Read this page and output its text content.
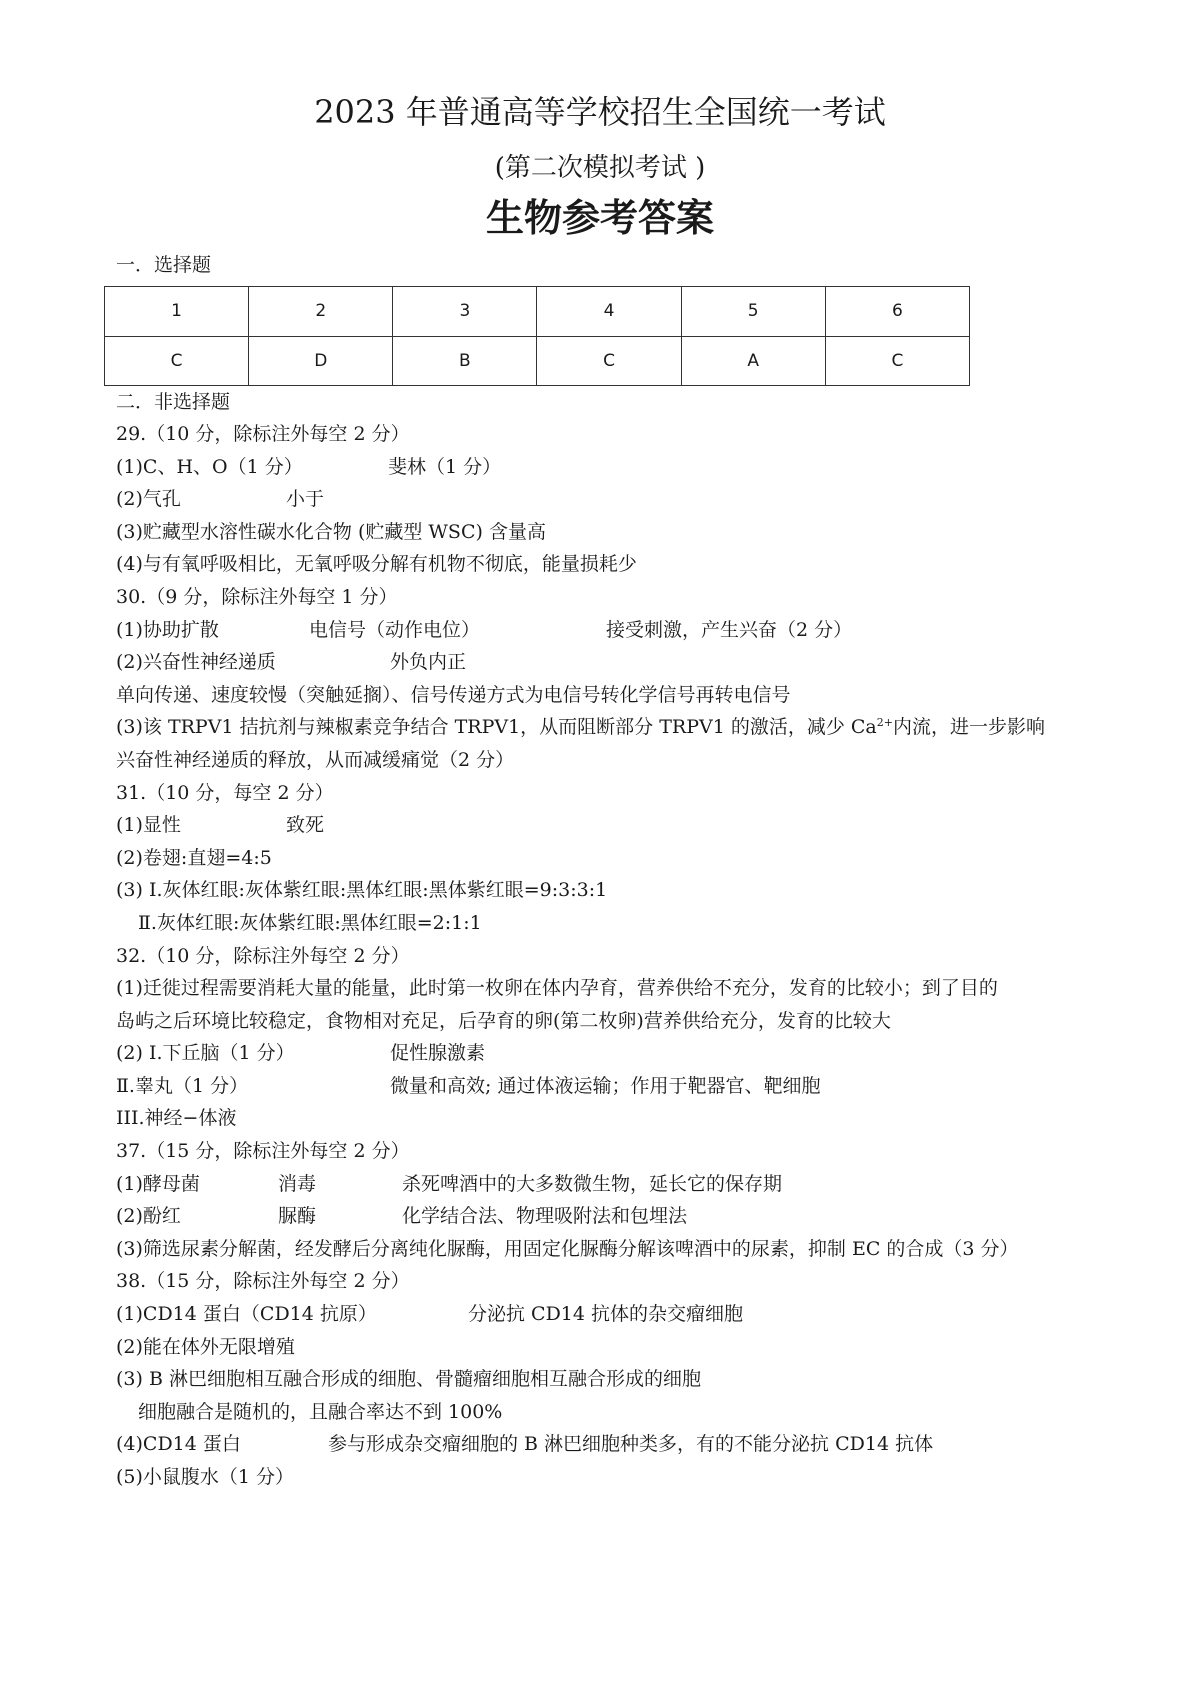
2023 年普通高等学校招生全国统一考试
(第二次模拟考试 )
生物参考答案
一．选择题
1	2	3	4	5	6
C	D	B	C	A	C
二．非选择题
29.（10 分，除标注外每空 2 分）
(1)C、H、O（1 分）	斐林（1 分）
(2)气孔	小于
(3)贮藏型水溶性碳水化合物 (贮藏型 WSC) 含量高
(4)与有氧呼吸相比，无氧呼吸分解有机物不彻底，能量损耗少
30.（9 分，除标注外每空 1 分）
(1)协助扩散	电信号（动作电位）	接受刺激，产生兴奋（2 分）
(2)兴奋性神经递质	外负内正
单向传递、速度较慢（突触延搁）、信号传递方式为电信号转化学信号再转电信号
(3)该 TRPV1 拮抗剂与辣椒素竞争结合 TRPV1，从而阻断部分 TRPV1 的激活，减少 $Ca^{2+}$内流，进一步影响
兴奋性神经递质的释放，从而减缓痛觉（2 分）
31.（10 分，每空 2 分）
(1)显性	致死
(2)卷翅:直翅=4:5
(3) Ⅰ.灰体红眼:灰体紫红眼:黑体红眼:黑体紫红眼=9:3:3:1
Ⅱ.灰体红眼:灰体紫红眼:黑体红眼=2:1:1
32.（10 分，除标注外每空 2 分）
(1)迁徙过程需要消耗大量的能量，此时第一枚卵在体内孕育，营养供给不充分，发育的比较小；到了目的
岛屿之后环境比较稳定，食物相对充足，后孕育的卵(第二枚卵)营养供给充分，发育的比较大
(2) Ⅰ.下丘脑（1 分）	促性腺激素
Ⅱ.睾丸（1 分）	微量和高效; 通过体液运输；作用于靶器官、靶细胞
III.神经−体液
37.（15 分，除标注外每空 2 分）
(1)酵母菌	消毒	杀死啤酒中的大多数微生物，延长它的保存期
(2)酚红	脲酶	化学结合法、物理吸附法和包埋法
(3)筛选尿素分解菌，经发酵后分离纯化脲酶，用固定化脲酶分解该啤酒中的尿素，抑制 EC 的合成（3 分）
38.（15 分，除标注外每空 2 分）
(1)CD14 蛋白（CD14 抗原）	分泌抗 CD14 抗体的杂交瘤细胞
(2)能在体外无限增殖
(3) B 淋巴细胞相互融合形成的细胞、骨髓瘤细胞相互融合形成的细胞
细胞融合是随机的，且融合率达不到 100%
(4)CD14 蛋白	参与形成杂交瘤细胞的 B 淋巴细胞种类多，有的不能分泌抗 CD14 抗体
(5)小鼠腹水（1 分）
